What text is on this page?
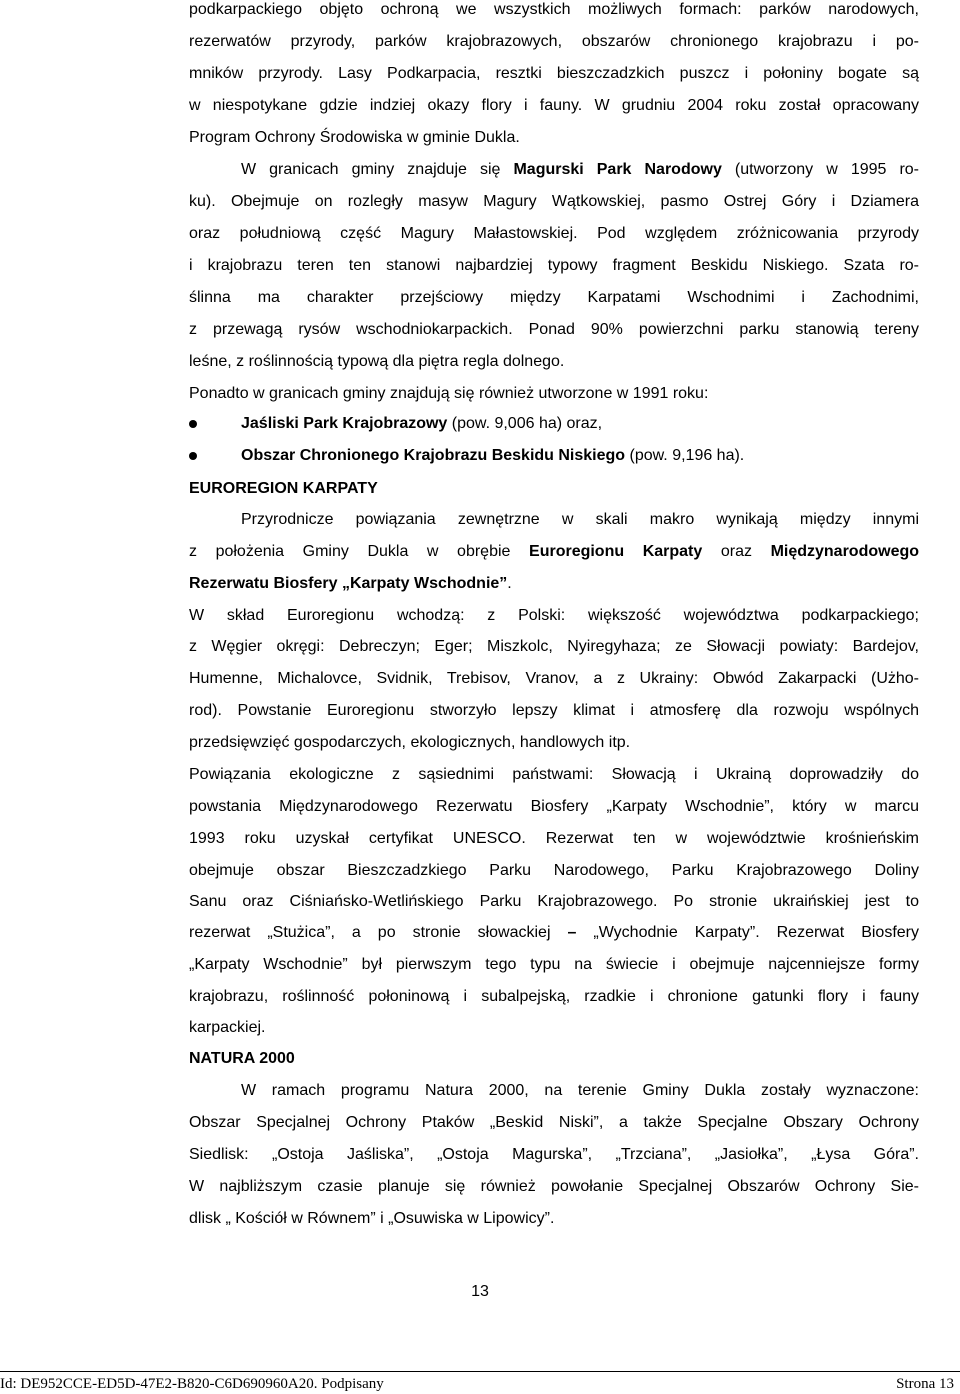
podkarpackiego objęto ochroną we wszystkich możliwych formach: parków narodowych,
rezerwatów przyrody, parków krajobrazowych, obszarów chronionego krajobrazu i po-
mników przyrody. Lasy Podkarpacia, resztki bieszczadzkich puszcz i połoniny bogate są
w niespotykane gdzie indziej okazy flory i fauny. W grudniu 2004 roku został opracowany
Program Ochrony Środowiska w gminie Dukla.
W granicach gminy znajduje się Magurski Park Narodowy (utworzony w 1995 ro-
ku). Obejmuje on rozległy masyw Magury Wątkowskiej, pasmo Ostrej Góry i Dziamera
oraz południową część Magury Małastowskiej. Pod względem zróżnicowania przyrody
i krajobrazu teren ten stanowi najbardziej typowy fragment Beskidu Niskiego. Szata ro-
ślinna ma charakter przejściowy między Karpatami Wschodnimi i Zachodnimi,
z przewagą rysów wschodniokarpackich. Ponad 90% powierzchni parku stanowią tereny
leśne, z roślinnością typową dla piętra regla dolnego.
Ponadto w granicach gminy znajdują się również utworzone w 1991 roku:
Jaśliski Park Krajobrazowy (pow. 9,006 ha) oraz,
Obszar Chronionego Krajobrazu Beskidu Niskiego (pow. 9,196 ha).
EUROREGION KARPATY
Przyrodnicze powiązania zewnętrzne w skali makro wynikają między innymi
z położenia Gminy Dukla w obrębie Euroregionu Karpaty oraz Międzynarodowego
Rezerwatu Biosfery „Karpaty Wschodnie”.
W skład Euroregionu wchodzą: z Polski: większość województwa podkarpackiego;
z Węgier okręgi: Debreczyn; Eger; Miszkolc, Nyiregyhaza; ze Słowacji powiaty: Bardejov,
Humenne, Michalovce, Svidnik, Trebisov, Vranov, a z Ukrainy: Obwód Zakarpacki (Użho-
rod). Powstanie Euroregionu stworzyło lepszy klimat i atmosferę dla rozwoju wspólnych
przedsięwzięć gospodarczych, ekologicznych, handlowych itp.
Powiązania ekologiczne z sąsiednimi państwami: Słowacją i Ukrainą doprowadziły do
powstania Międzynarodowego Rezerwatu Biosfery „Karpaty Wschodnie”, który w marcu
1993 roku uzyskał certyfikat UNESCO. Rezerwat ten w województwie krośnieńskim
obejmuje obszar Bieszczadzkiego Parku Narodowego, Parku Krajobrazowego Doliny
Sanu oraz Ciśniańsko-Wetlińskiego Parku Krajobrazowego. Po stronie ukraińskiej jest to
rezerwat „Stużica”, a po stronie słowackiej – „Wychodnie Karpaty”. Rezerwat Biosfery
„Karpaty Wschodnie” był pierwszym tego typu na świecie i obejmuje najcenniejsze formy
krajobrazu, roślinność połoninową i subalpejską, rzadkie i chronione gatunki flory i fauny
karpackiej.
NATURA 2000
W ramach programu Natura 2000, na terenie Gminy Dukla zostały wyznaczone:
Obszar Specjalnej Ochrony Ptaków „Beskid Niski”, a także Specjalne Obszary Ochrony
Siedlisk: „Ostoja Jaśliska”, „Ostoja Magurska”, „Trzciana”, „Jasiołka”, „Łysa Góra”.
W najbliższym czasie planuje się również powołanie Specjalnej Obszarów Ochrony Sie-
dlisk „ Kościół w Równem” i „Osuwiska w Lipowicy”.
13
Id: DE952CCE-ED5D-47E2-B820-C6D690960A20. Podpisany	Strona 13
